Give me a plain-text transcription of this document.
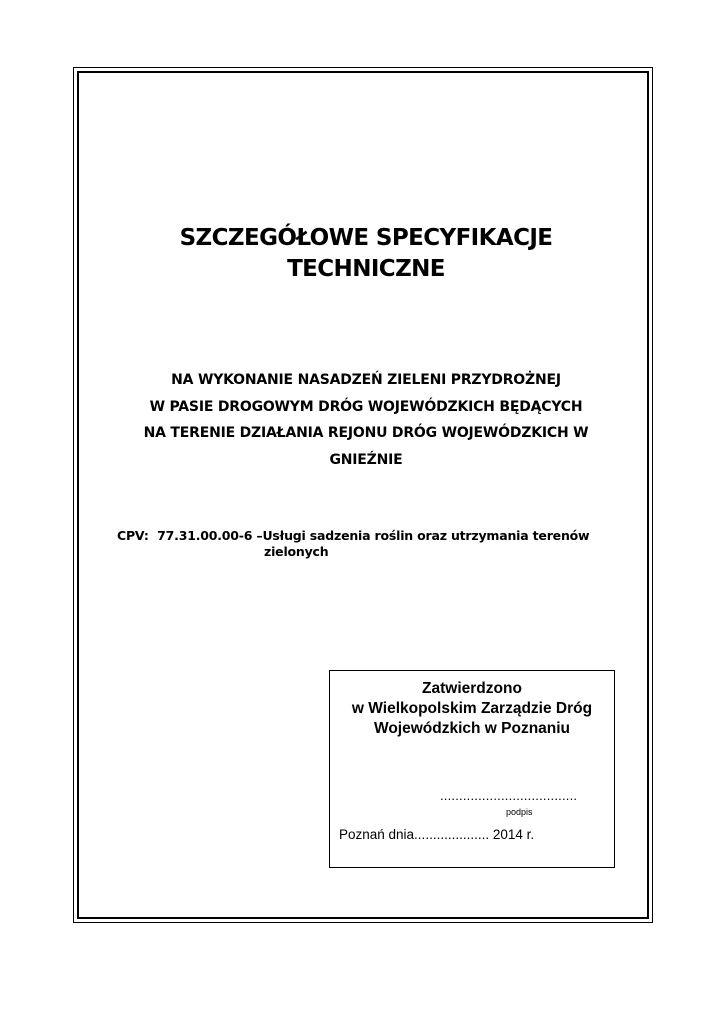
SZCZEGÓŁOWE SPECYFIKACJE
TECHNICZNE
NA WYKONANIE NASADZEŃ ZIELENI PRZYDROŻNEJ
W PASIE DROGOWYM DRÓG WOJEWÓDZKICH BĘDĄCYCH
NA TERENIE DZIAŁANIA REJONU DRÓG WOJEWÓDZKICH W
GNIEŹNIE
CPV: 77.31.00.00-6 –Usługi sadzenia roślin oraz utrzymania terenów
zielonych
Zatwierdzono
w Wielkopolskim Zarządzie Dróg
Wojewódzkich w Poznaniu
....................................
podpis
Poznań dnia.................... 2014 r.
